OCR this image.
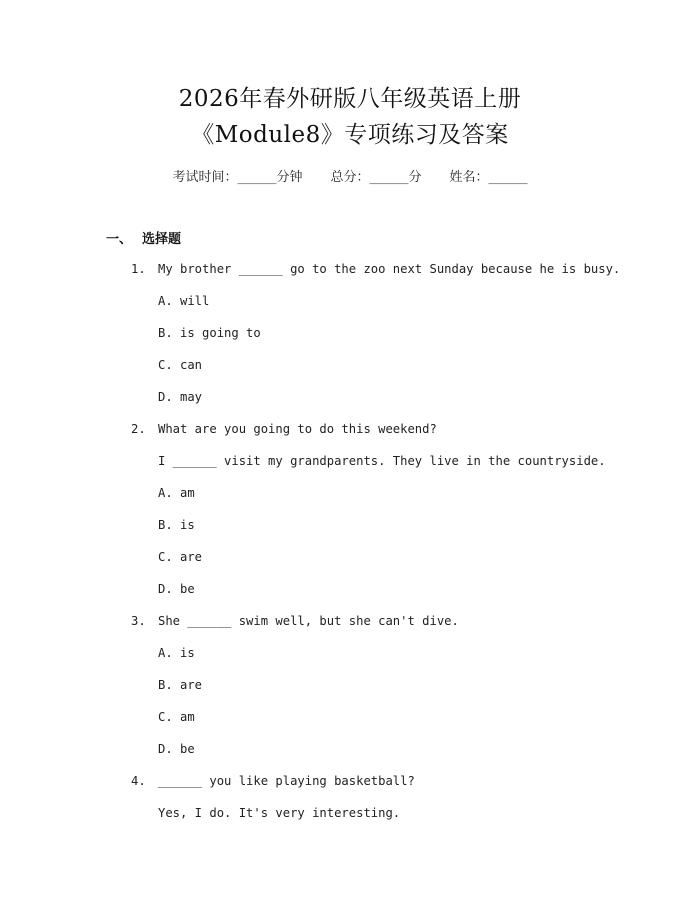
2026年春外研版八年级英语上册
《Module8》专项练习及答案
考试时间：______分钟 总分：______分 姓名：______
一、 选择题
1. My brother ______ go to the zoo next Sunday because he is busy.
A. will
B. is going to
C. can
D. may
2. What are you going to do this weekend?
I ______ visit my grandparents. They live in the countryside.
A. am
B. is
C. are
D. be
3. She ______ swim well, but she can't dive.
A. is
B. are
C. am
D. be
4. ______ you like playing basketball?
Yes, I do. It's very interesting.
